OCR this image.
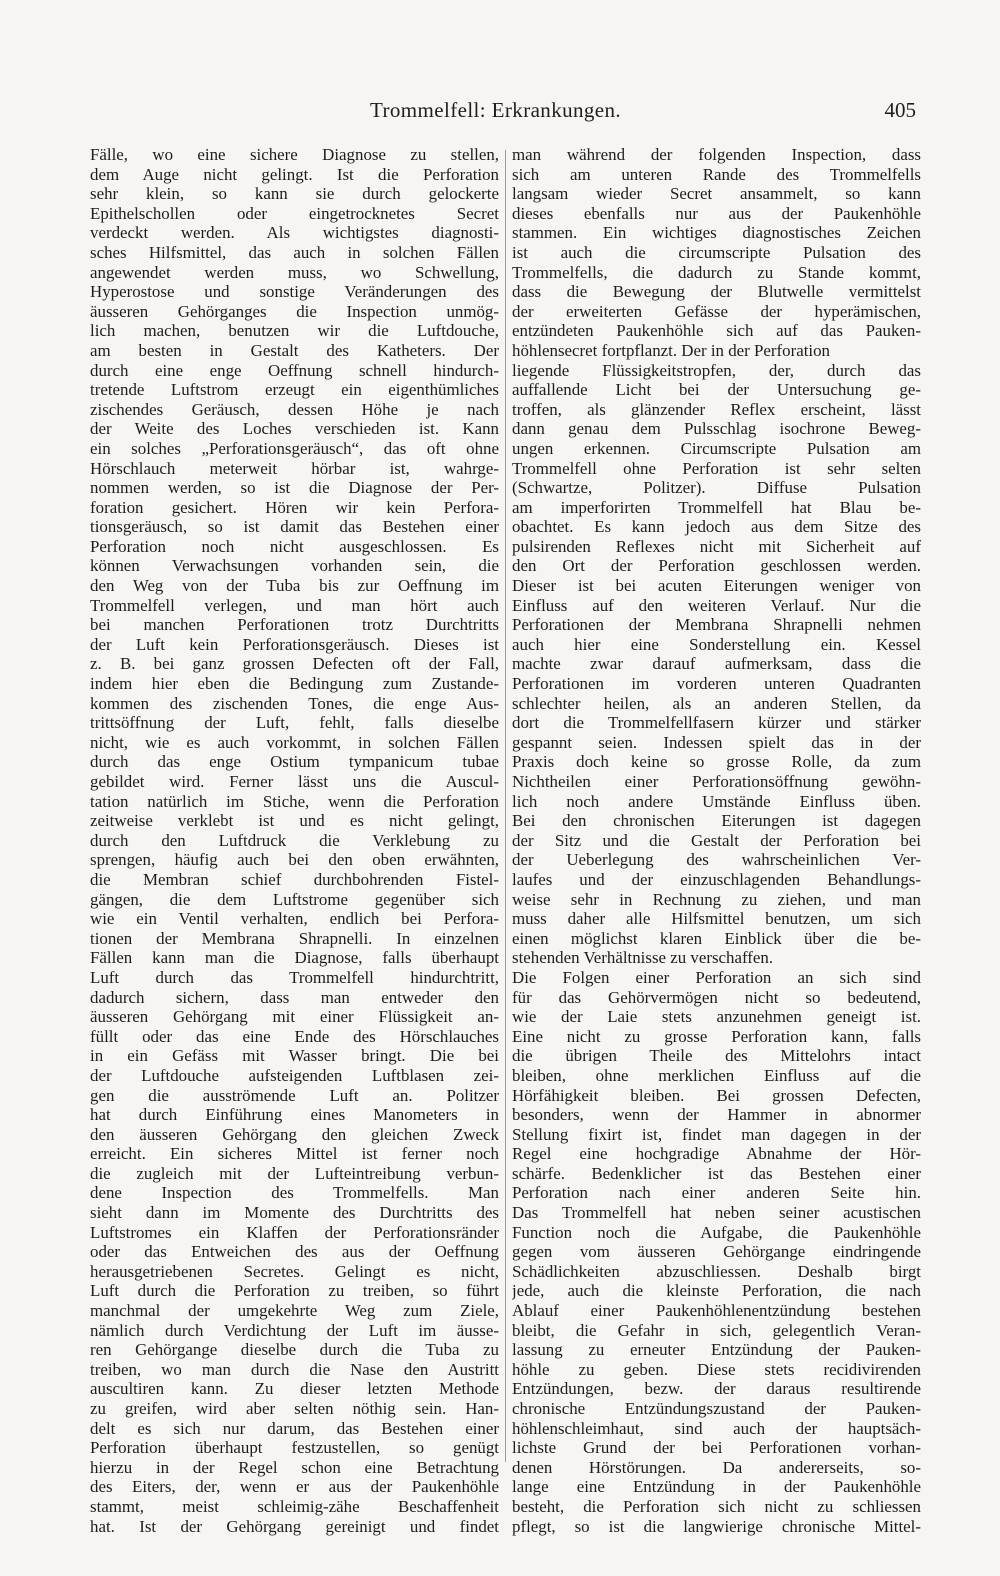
Trommelfell: Erkrankungen.	405
Fälle, wo eine sichere Diagnose zu stellen,
dem Auge nicht gelingt. Ist die Perforation
sehr klein, so kann sie durch gelockerte
Epithelschollen oder eingetrocknetes Secret
verdeckt werden. Als wichtigstes diagnosti-
sches Hilfsmittel, das auch in solchen Fällen
angewendet werden muss, wo Schwellung,
Hyperostose und sonstige Veränderungen des
äusseren Gehörganges die Inspection unmög-
lich machen, benutzen wir die Luftdouche,
am besten in Gestalt des Katheters. Der
durch eine enge Oeffnung schnell hindurch-
tretende Luftstrom erzeugt ein eigenthümliches
zischendes Geräusch, dessen Höhe je nach
der Weite des Loches verschieden ist. Kann
ein solches „Perforationsgeräusch“, das oft ohne
Hörschlauch meterweit hörbar ist, wahrge-
nommen werden, so ist die Diagnose der Per-
foration gesichert. Hören wir kein Perfora-
tionsgeräusch, so ist damit das Bestehen einer
Perforation noch nicht ausgeschlossen. Es
können Verwachsungen vorhanden sein, die
den Weg von der Tuba bis zur Oeffnung im
Trommelfell verlegen, und man hört auch
bei manchen Perforationen trotz Durchtritts
der Luft kein Perforationsgeräusch. Dieses ist
z. B. bei ganz grossen Defecten oft der Fall,
indem hier eben die Bedingung zum Zustande-
kommen des zischenden Tones, die enge Aus-
trittsöffnung der Luft, fehlt, falls dieselbe
nicht, wie es auch vorkommt, in solchen Fällen
durch das enge Ostium tympanicum tubae
gebildet wird. Ferner lässt uns die Auscul-
tation natürlich im Stiche, wenn die Perforation
zeitweise verklebt ist und es nicht gelingt,
durch den Luftdruck die Verklebung zu
sprengen, häufig auch bei den oben erwähnten,
die Membran schief durchbohrenden Fistel-
gängen, die dem Luftstrome gegenüber sich
wie ein Ventil verhalten, endlich bei Perfora-
tionen der Membrana Shrapnelli. In einzelnen
Fällen kann man die Diagnose, falls überhaupt
Luft durch das Trommelfell hindurchtritt,
dadurch sichern, dass man entweder den
äusseren Gehörgang mit einer Flüssigkeit an-
füllt oder das eine Ende des Hörschlauches
in ein Gefäss mit Wasser bringt. Die bei
der Luftdouche aufsteigenden Luftblasen zei-
gen die ausströmende Luft an. Politzer
hat durch Einführung eines Manometers in
den äusseren Gehörgang den gleichen Zweck
erreicht. Ein sicheres Mittel ist ferner noch
die zugleich mit der Lufteintreibung verbun-
dene Inspection des Trommelfells. Man
sieht dann im Momente des Durchtritts des
Luftstromes ein Klaffen der Perforationsränder
oder das Entweichen des aus der Oeffnung
herausgetriebenen Secretes. Gelingt es nicht,
Luft durch die Perforation zu treiben, so führt
manchmal der umgekehrte Weg zum Ziele,
nämlich durch Verdichtung der Luft im äusse-
ren Gehörgange dieselbe durch die Tuba zu
treiben, wo man durch die Nase den Austritt
auscultiren kann. Zu dieser letzten Methode
zu greifen, wird aber selten nöthig sein. Han-
delt es sich nur darum, das Bestehen einer
Perforation überhaupt festzustellen, so genügt
hierzu in der Regel schon eine Betrachtung
des Eiters, der, wenn er aus der Paukenhöhle
stammt, meist schleimig-zähe Beschaffenheit
hat. Ist der Gehörgang gereinigt und findet
man während der folgenden Inspection, dass
sich am unteren Rande des Trommelfells
langsam wieder Secret ansammelt, so kann
dieses ebenfalls nur aus der Paukenhöhle
stammen. Ein wichtiges diagnostisches Zeichen
ist auch die circumscripte Pulsation des
Trommelfells, die dadurch zu Stande kommt,
dass die Bewegung der Blutwelle vermittelst
der erweiterten Gefässe der hyperämischen,
entzündeten Paukenhöhle sich auf das Pauken-
höhlensecret fortpflanzt. Der in der Perforation
liegende Flüssigkeitstropfen, der, durch das
auffallende Licht bei der Untersuchung ge-
troffen, als glänzender Reflex erscheint, lässt
dann genau dem Pulsschlag isochrone Beweg-
ungen erkennen. Circumscripte Pulsation am
Trommelfell ohne Perforation ist sehr selten
(Schwartze, Politzer). Diffuse Pulsation
am imperforirten Trommelfell hat Blau be-
obachtet. Es kann jedoch aus dem Sitze des
pulsirenden Reflexes nicht mit Sicherheit auf
den Ort der Perforation geschlossen werden.
Dieser ist bei acuten Eiterungen weniger von
Einfluss auf den weiteren Verlauf. Nur die
Perforationen der Membrana Shrapnelli nehmen
auch hier eine Sonderstellung ein. Kessel
machte zwar darauf aufmerksam, dass die
Perforationen im vorderen unteren Quadranten
schlechter heilen, als an anderen Stellen, da
dort die Trommelfellfasern kürzer und stärker
gespannt seien. Indessen spielt das in der
Praxis doch keine so grosse Rolle, da zum
Nichtheilen einer Perforationsöffnung gewöhn-
lich noch andere Umstände Einfluss üben.
Bei den chronischen Eiterungen ist dagegen
der Sitz und die Gestalt der Perforation bei
der Ueberlegung des wahrscheinlichen Ver-
laufes und der einzuschlagenden Behandlungs-
weise sehr in Rechnung zu ziehen, und man
muss daher alle Hilfsmittel benutzen, um sich
einen möglichst klaren Einblick über die be-
stehenden Verhältnisse zu verschaffen.
Die Folgen einer Perforation an sich sind
für das Gehörvermögen nicht so bedeutend,
wie der Laie stets anzunehmen geneigt ist.
Eine nicht zu grosse Perforation kann, falls
die übrigen Theile des Mittelohrs intact
bleiben, ohne merklichen Einfluss auf die
Hörfähigkeit bleiben. Bei grossen Defecten,
besonders, wenn der Hammer in abnormer
Stellung fixirt ist, findet man dagegen in der
Regel eine hochgradige Abnahme der Hör-
schärfe. Bedenklicher ist das Bestehen einer
Perforation nach einer anderen Seite hin.
Das Trommelfell hat neben seiner acustischen
Function noch die Aufgabe, die Paukenhöhle
gegen vom äusseren Gehörgange eindringende
Schädlichkeiten abzuschliessen. Deshalb birgt
jede, auch die kleinste Perforation, die nach
Ablauf einer Paukenhöhlenentzündung bestehen
bleibt, die Gefahr in sich, gelegentlich Veran-
lassung zu erneuter Entzündung der Pauken-
höhle zu geben. Diese stets recidivirenden
Entzündungen, bezw. der daraus resultirende
chronische Entzündungszustand der Pauken-
höhlenschleimhaut, sind auch der hauptsäch-
lichste Grund der bei Perforationen vorhan-
denen Hörstörungen. Da andererseits, so-
lange eine Entzündung in der Paukenhöhle
besteht, die Perforation sich nicht zu schliessen
pflegt, so ist die langwierige chronische Mittel-
